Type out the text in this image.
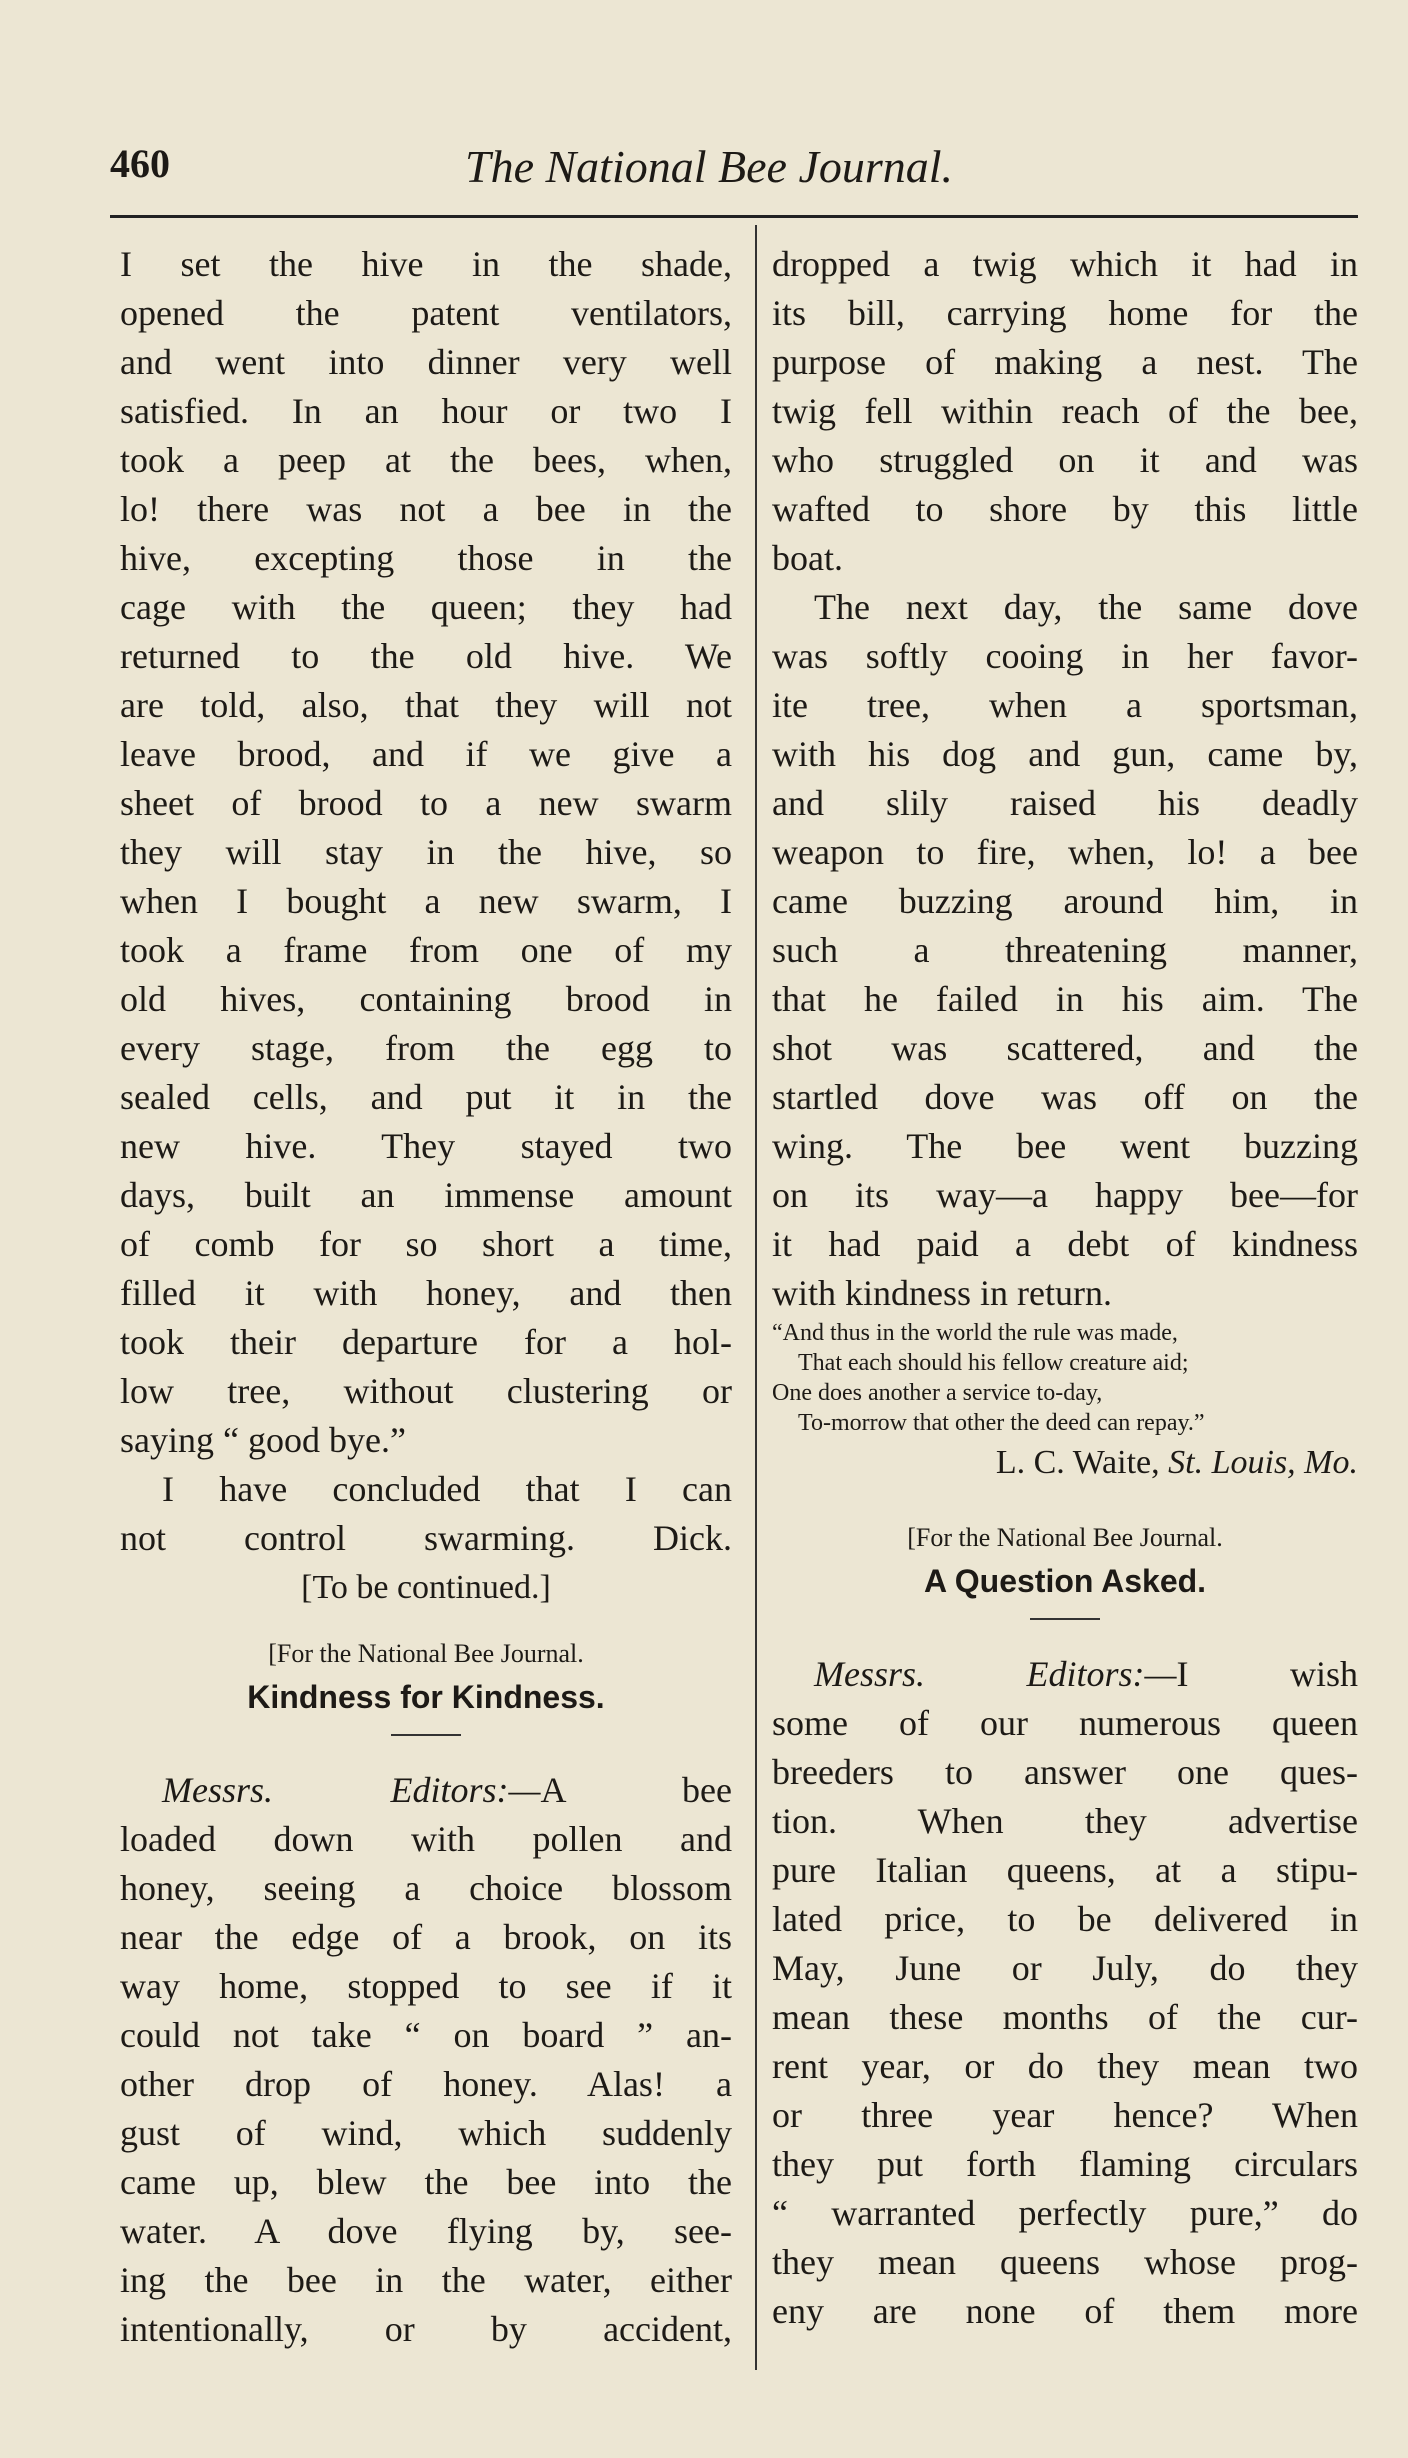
460	The National Bee Journal.
I set the hive in the shade,
opened the patent ventilators,
and went into dinner very well
satisfied. In an hour or two I
took a peep at the bees, when,
lo! there was not a bee in the
hive, excepting those in the
cage with the queen; they had
returned to the old hive. We
are told, also, that they will not
leave brood, and if we give a
sheet of brood to a new swarm
they will stay in the hive, so
when I bought a new swarm, I
took a frame from one of my
old hives, containing brood in
every stage, from the egg to
sealed cells, and put it in the
new hive. They stayed two
days, built an immense amount
of comb for so short a time,
filled it with honey, and then
took their departure for a hol-
low tree, without clustering or
saying “ good bye.”
I have concluded that I can
not control swarming. Dick.
[To be continued.]
[For the National Bee Journal.
Kindness for Kindness.
Messrs. Editors:—A bee
loaded down with pollen and
honey, seeing a choice blossom
near the edge of a brook, on its
way home, stopped to see if it
could not take “ on board ” an-
other drop of honey. Alas! a
gust of wind, which suddenly
came up, blew the bee into the
water. A dove flying by, see-
ing the bee in the water, either
intentionally, or by accident,
dropped a twig which it had in
its bill, carrying home for the
purpose of making a nest. The
twig fell within reach of the bee,
who struggled on it and was
wafted to shore by this little
boat.
The next day, the same dove
was softly cooing in her favor-
ite tree, when a sportsman,
with his dog and gun, came by,
and slily raised his deadly
weapon to fire, when, lo! a bee
came buzzing around him, in
such a threatening manner,
that he failed in his aim. The
shot was scattered, and the
startled dove was off on the
wing. The bee went buzzing
on its way—a happy bee—for
it had paid a debt of kindness
with kindness in return.
“And thus in the world the rule was made,
That each should his fellow creature aid;
One does another a service to-day,
To-morrow that other the deed can repay.”
L. C. Waite, St. Louis, Mo.
[For the National Bee Journal.
A Question Asked.
Messrs. Editors:—I wish
some of our numerous queen
breeders to answer one ques-
tion. When they advertise
pure Italian queens, at a stipu-
lated price, to be delivered in
May, June or July, do they
mean these months of the cur-
rent year, or do they mean two
or three year hence? When
they put forth flaming circulars
“ warranted perfectly pure,” do
they mean queens whose prog-
eny are none of them more
